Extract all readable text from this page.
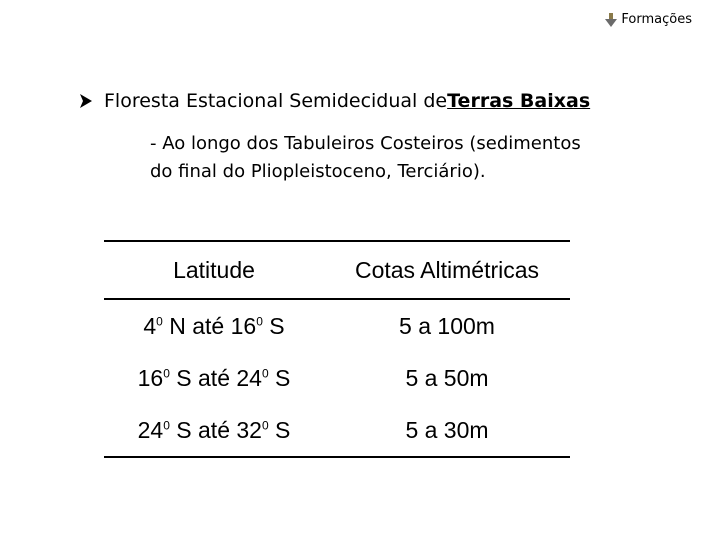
Formações
Floresta Estacional Semidecidual de Terras Baixas
- Ao longo dos Tabuleiros Costeiros (sedimentos
do final do Pliopleistoceno, Terciário).
Latitude	Cotas Altimétricas
$4^0$ N até $16^0$ S	5 a 100m
$16^0$ S até $24^0$ S	5 a 50m
$24^0$ S até $32^0$ S	5 a 30m
